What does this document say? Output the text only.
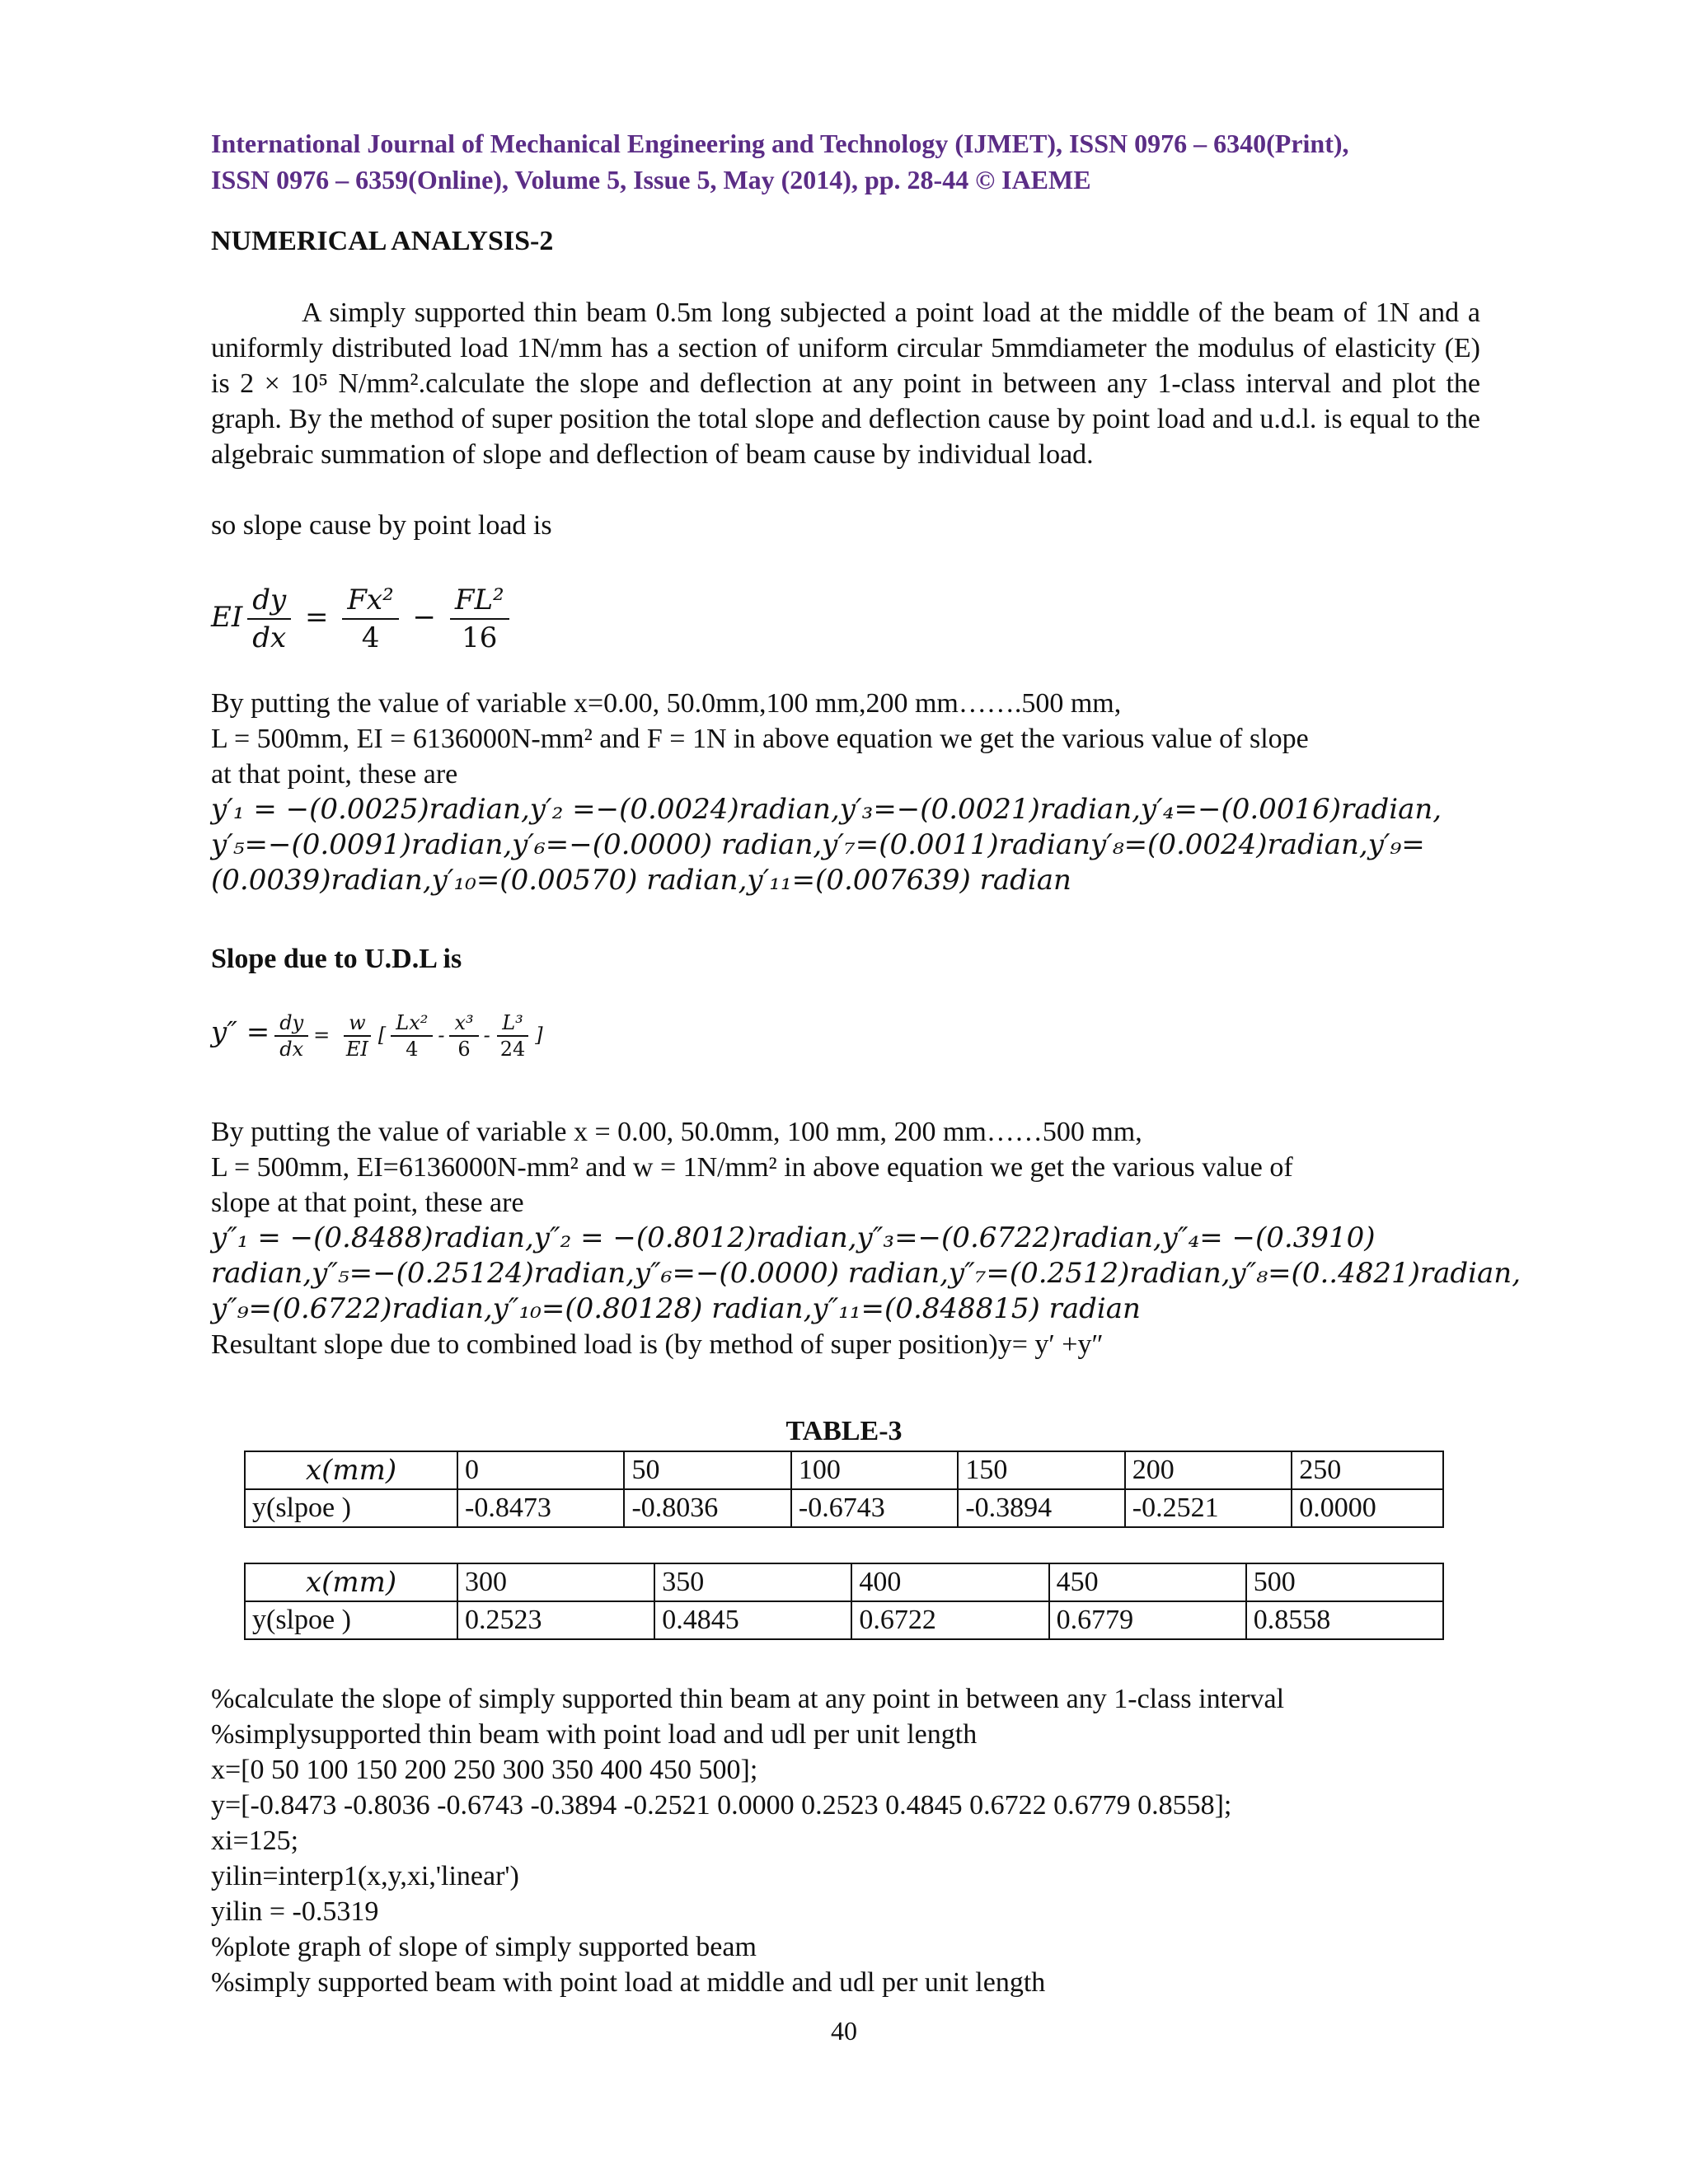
International Journal of Mechanical Engineering and Technology (IJMET), ISSN 0976 – 6340(Print),
ISSN 0976 – 6359(Online), Volume 5, Issue 5, May (2014), pp. 28-44 © IAEME
NUMERICAL ANALYSIS-2
A simply supported thin beam 0.5m long subjected a point load at the middle of the beam of 1N and a uniformly distributed load 1N/mm has a section of uniform circular 5mmdiameter the modulus of elasticity (E) is 2 × 10⁵ N/mm².calculate the slope and deflection at any point in between any 1-class interval and plot the graph. By the method of super position the total slope and deflection cause by point load and u.d.l. is equal to the algebraic summation of slope and deflection of beam cause by individual load.
so slope cause by point load is
EI $\frac{dy}{dx} = \frac{\text{Fx²}}{4} - \frac{\text{FL²}}{16}$
By putting the value of variable x=0.00, 50.0mm,100 mm,200 mm…….500 mm,
L = 500mm, EI = 6136000N-mm² and F = 1N in above equation we get the various value of slope
at that point, these are
y′₁ = −(0.0025)radian,y′₂ =−(0.0024)radian,y′₃=−(0.0021)radian,y′₄=−(0.0016)radian,
y′₅=−(0.0091)radian,y′₆=−(0.0000) radian,y′₇=(0.0011)radiany′₈=(0.0024)radian,y′₉=
(0.0039)radian,y′₁₀=(0.00570) radian,y′₁₁=(0.007639) radian
Slope due to U.D.L is
$y'' = \frac{dy}{dx} = \frac{w}{EI}$ [ $\frac{\text{Lx²}}{4} - \frac{\text{x³}}{6} - \frac{\text{L³}}{24}$ ]
By putting the value of variable x = 0.00, 50.0mm, 100 mm, 200 mm……500 mm,
L = 500mm, EI=6136000N-mm² and w = 1N/mm² in above equation we get the various value of
slope at that point, these are
y″₁ = −(0.8488)radian,y″₂ = −(0.8012)radian,y″₃=−(0.6722)radian,y″₄= −(0.3910)
radian,y″₅=−(0.25124)radian,y″₆=−(0.0000) radian,y″₇=(0.2512)radian,y″₈=(0..4821)radian,
y″₉=(0.6722)radian,y″₁₀=(0.80128) radian,y″₁₁=(0.848815) radian
Resultant slope due to combined load is (by method of super position)y= y′ +y″
TABLE-3
x(mm)	0	50	100	150	200	250
y(slpoe )	-0.8473	-0.8036	-0.6743	-0.3894	-0.2521	0.0000
x(mm)	300	350	400	450	500
y(slpoe )	0.2523	0.4845	0.6722	0.6779	0.8558
%calculate the slope of simply supported thin beam at any point in between any 1-class interval
%simplysupported thin beam with point load and udl per unit length
x=[0 50 100 150 200 250 300 350 400 450 500];
y=[-0.8473 -0.8036 -0.6743 -0.3894 -0.2521 0.0000 0.2523 0.4845 0.6722 0.6779 0.8558];
xi=125;
yilin=interp1(x,y,xi,'linear')
yilin = -0.5319
%plote graph of slope of simply supported beam
%simply supported beam with point load at middle and udl per unit length
40
